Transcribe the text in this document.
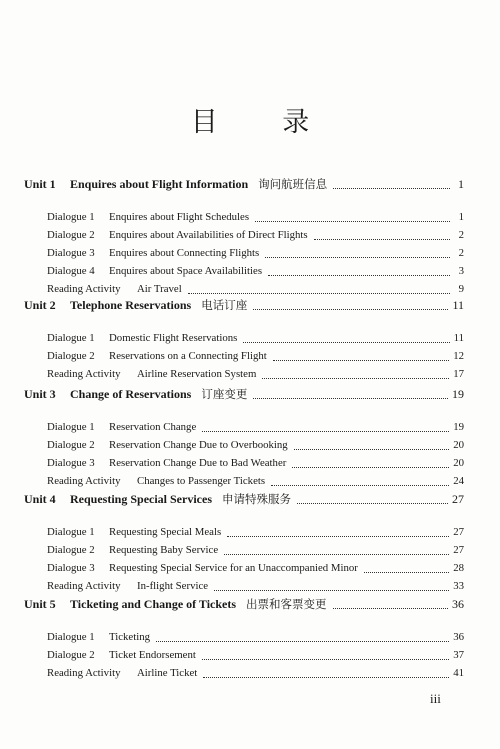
目 录
Unit 1	Enquires about Flight Information 询问航班信息	1
Dialogue 1	Enquires about Flight Schedules	1
Dialogue 2	Enquires about Availabilities of Direct Flights	2
Dialogue 3	Enquires about Connecting Flights	2
Dialogue 4	Enquires about Space Availabilities	3
Reading Activity	Air Travel	9
Unit 2	Telephone Reservations 电话订座	11
Dialogue 1	Domestic Flight Reservations	11
Dialogue 2	Reservations on a Connecting Flight	12
Reading Activity	Airline Reservation System	17
Unit 3	Change of Reservations 订座变更	19
Dialogue 1	Reservation Change	19
Dialogue 2	Reservation Change Due to Overbooking	20
Dialogue 3	Reservation Change Due to Bad Weather	20
Reading Activity	Changes to Passenger Tickets	24
Unit 4	Requesting Special Services 申请特殊服务	27
Dialogue 1	Requesting Special Meals	27
Dialogue 2	Requesting Baby Service	27
Dialogue 3	Requesting Special Service for an Unaccompanied Minor	28
Reading Activity	In-flight Service	33
Unit 5	Ticketing and Change of Tickets 出票和客票变更	36
Dialogue 1	Ticketing	36
Dialogue 2	Ticket Endorsement	37
Reading Activity	Airline Ticket	41
iii
